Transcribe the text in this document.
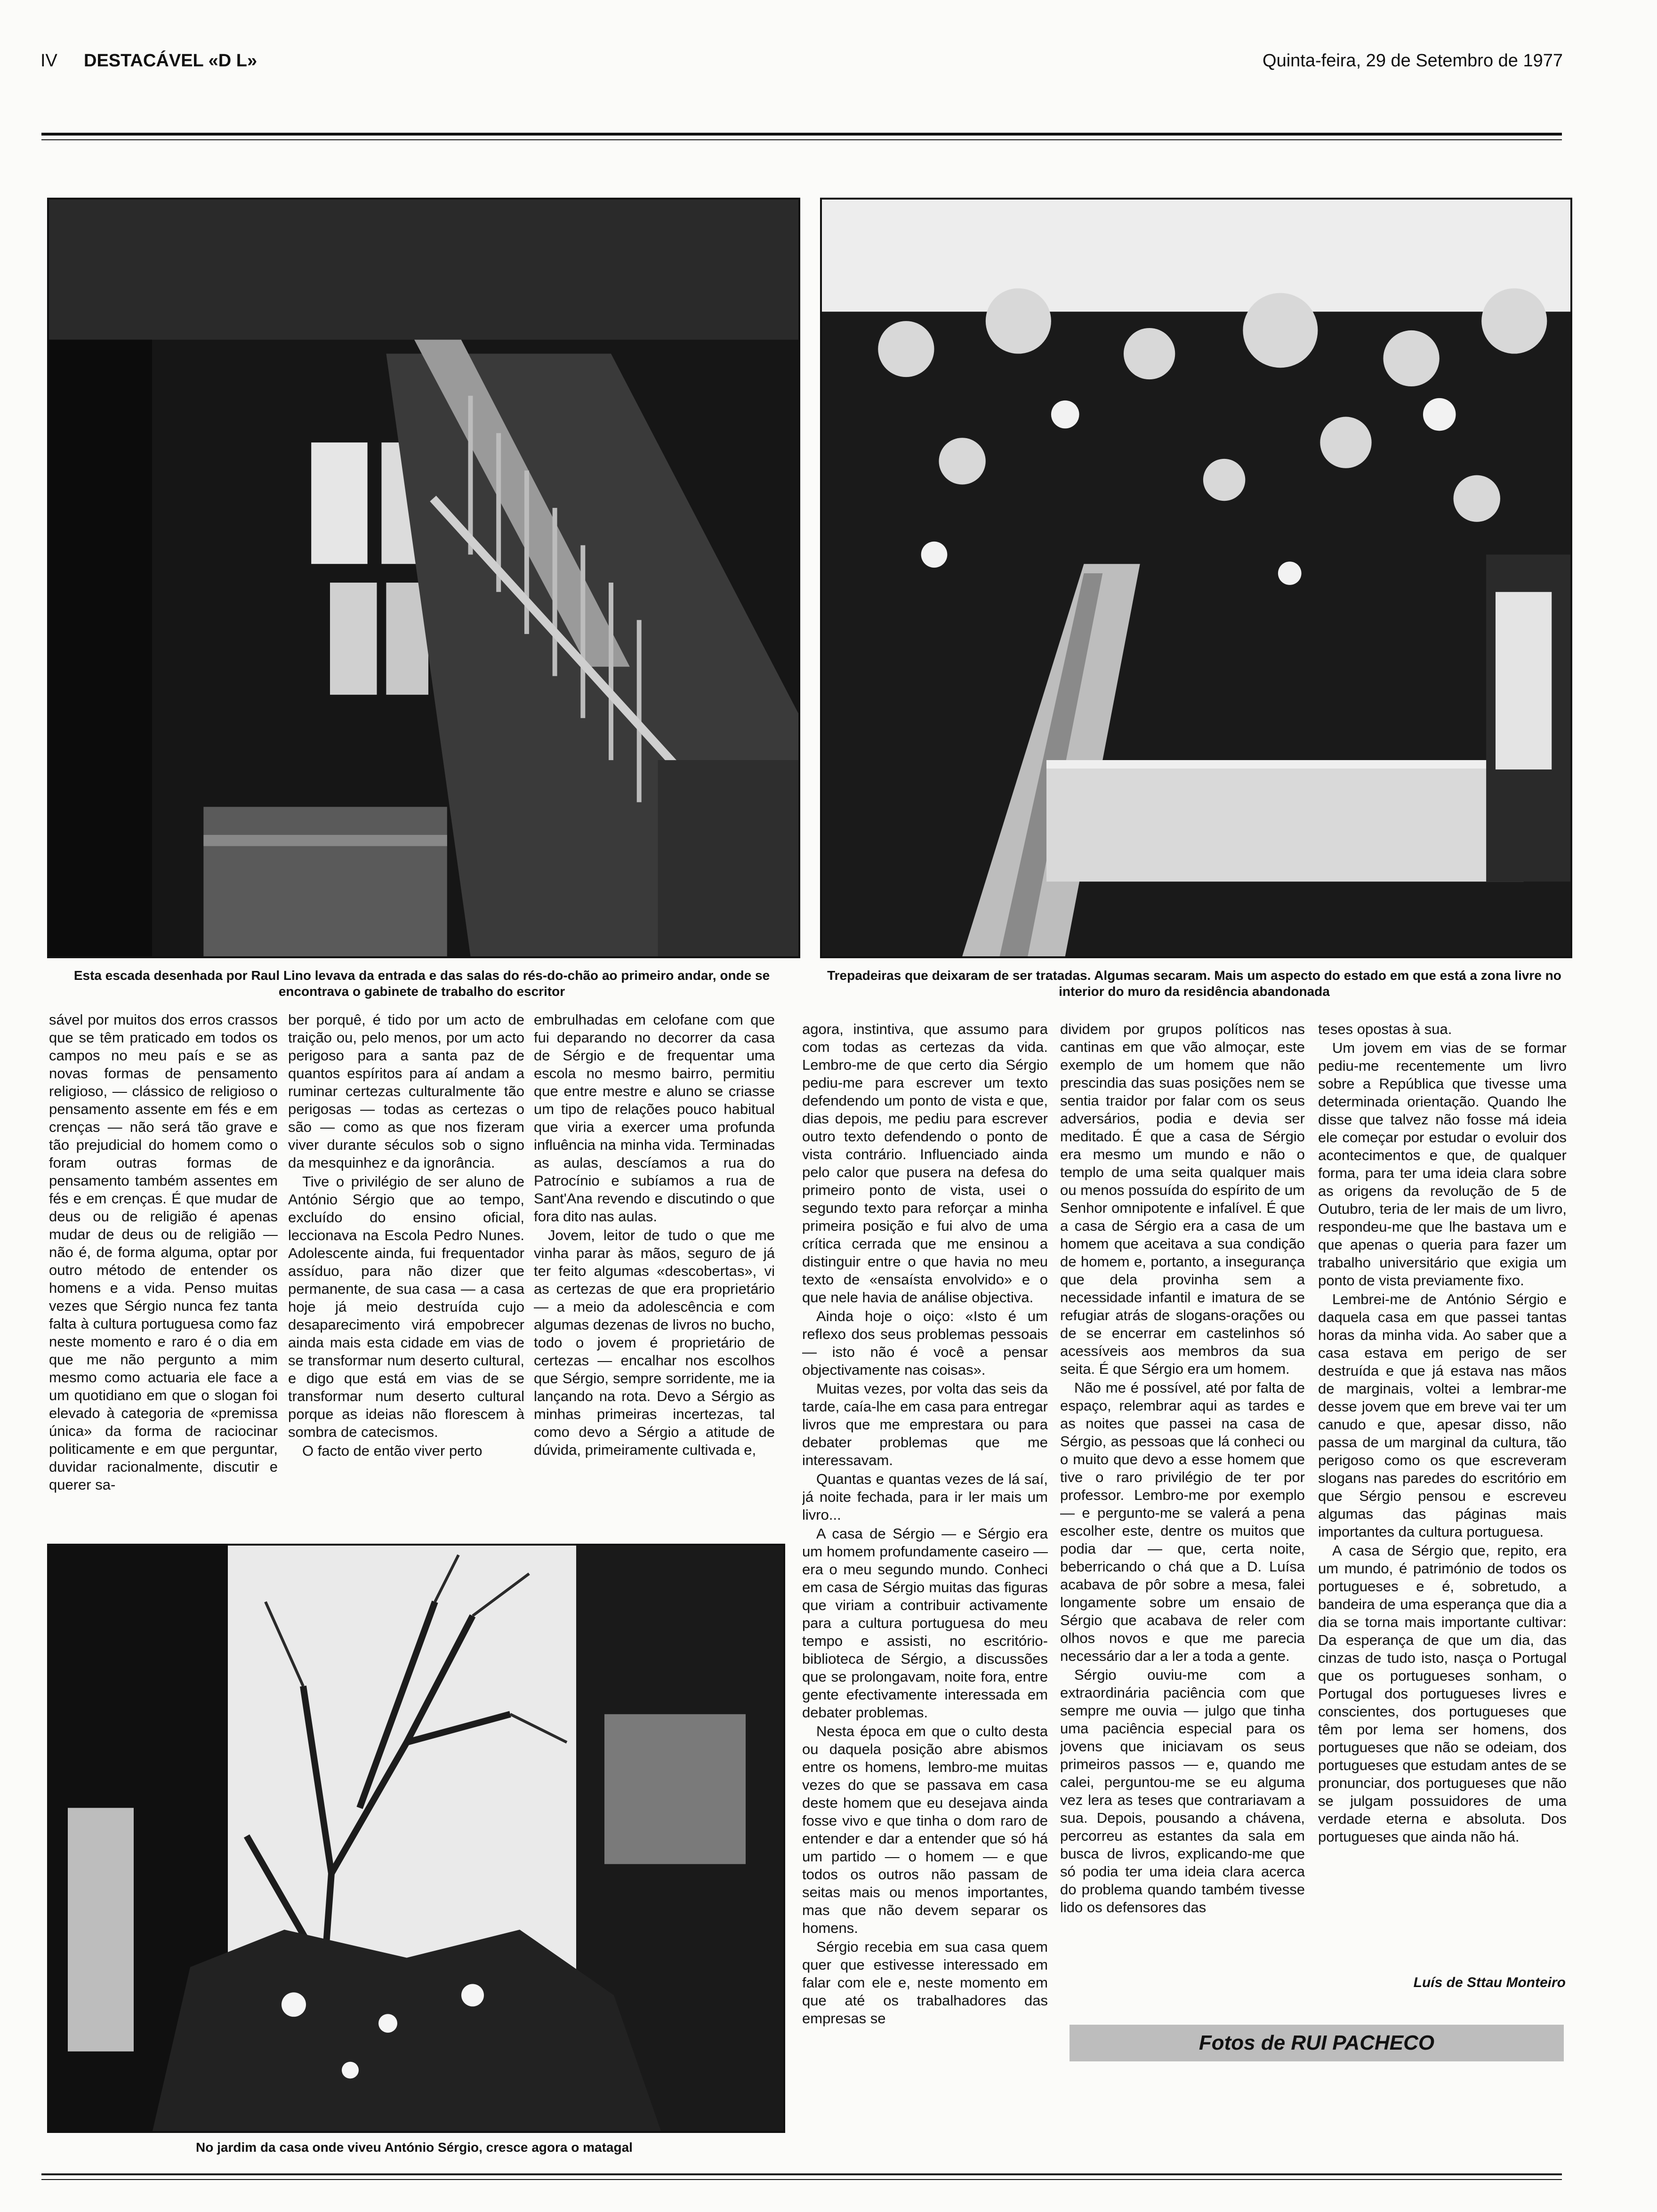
IV DESTACÁVEL «D L»	Quinta-feira, 29 de Setembro de 1977
Esta escada desenhada por Raul Lino levava da entrada e das salas do rés-do-chão ao primeiro andar, onde se encontrava o gabinete de trabalho do escritor
Trepadeiras que deixaram de ser tratadas. Algumas secaram. Mais um aspecto do estado em que está a zona livre no interior do muro da residência abandonada
No jardim da casa onde viveu António Sérgio, cresce agora o matagal

sável por muitos dos erros crassos que se têm praticado em todos os campos no meu país e se as novas formas de pensamento religioso, — clássico de religioso o pensamento assente em fés e em crenças — não será tão grave e tão prejudicial do homem como o foram outras formas de pensamento também assentes em fés e em crenças. É que mudar de deus ou de religião é apenas mudar de deus ou de religião — não é, de forma alguma, optar por outro método de entender os homens e a vida. Penso muitas vezes que Sérgio nunca fez tanta falta à cultura portuguesa como faz neste momento e raro é o dia em que me não pergunto a mim mesmo como actuaria ele face a um quotidiano em que o slogan foi elevado à categoria de «premissa única» da forma de raciocinar politicamente e em que perguntar, duvidar racionalmente, discutir e querer sa-

ber porquê, é tido por um acto de traição ou, pelo menos, por um acto perigoso para a santa paz de quantos espíritos para aí andam a ruminar certezas culturalmente tão perigosas — todas as certezas o são — como as que nos fizeram viver durante séculos sob o signo da mesquinhez e da ignorância.

Tive o privilégio de ser aluno de António Sérgio que ao tempo, excluído do ensino oficial, leccionava na Escola Pedro Nunes. Adolescente ainda, fui frequentador assíduo, para não dizer que permanente, de sua casa — a casa hoje já meio destruída cujo desaparecimento virá empobrecer ainda mais esta cidade em vias de se transformar num deserto cultural, e digo que está em vias de se transformar num deserto cultural porque as ideias não florescem à sombra de catecismos.

O facto de então viver perto

embrulhadas em celofane com que fui deparando no decorrer da casa de Sérgio e de frequentar uma escola no mesmo bairro, permitiu que entre mestre e aluno se criasse um tipo de relações pouco habitual que viria a exercer uma profunda influência na minha vida. Terminadas as aulas, descíamos a rua do Patrocínio e subíamos a rua de Sant'Ana revendo e discutindo o que fora dito nas aulas.

Jovem, leitor de tudo o que me vinha parar às mãos, seguro de já ter feito algumas «descobertas», vi as certezas de que era proprietário — a meio da adolescência e com algumas dezenas de livros no bucho, todo o jovem é proprietário de certezas — encalhar nos escolhos que Sérgio, sempre sorridente, me ia lançando na rota. Devo a Sérgio as minhas primeiras incertezas, tal como devo a Sérgio a atitude de dúvida, primeiramente cultivada e,

agora, instintiva, que assumo para com todas as certezas da vida. Lembro-me de que certo dia Sérgio pediu-me para escrever um texto defendendo um ponto de vista e que, dias depois, me pediu para escrever outro texto defendendo o ponto de vista contrário. Influenciado ainda pelo calor que pusera na defesa do primeiro ponto de vista, usei o segundo texto para reforçar a minha primeira posição e fui alvo de uma crítica cerrada que me ensinou a distinguir entre o que havia no meu texto de «ensaísta envolvido» e o que nele havia de análise objectiva.

Ainda hoje o oiço: «Isto é um reflexo dos seus problemas pessoais — isto não é você a pensar objectivamente nas coisas».

Muitas vezes, por volta das seis da tarde, caía-lhe em casa para entregar livros que me emprestara ou para debater problemas que me interessavam.

Quantas e quantas vezes de lá saí, já noite fechada, para ir ler mais um livro...

A casa de Sérgio — e Sérgio era um homem profundamente caseiro — era o meu segundo mundo. Conheci em casa de Sérgio muitas das figuras que viriam a contribuir activamente para a cultura portuguesa do meu tempo e assisti, no escritório-biblioteca de Sérgio, a discussões que se prolongavam, noite fora, entre gente efectivamente interessada em debater problemas.

Nesta época em que o culto desta ou daquela posição abre abismos entre os homens, lembro-me muitas vezes do que se passava em casa deste homem que eu desejava ainda fosse vivo e que tinha o dom raro de entender e dar a entender que só há um partido — o homem — e que todos os outros não passam de seitas mais ou menos importantes, mas que não devem separar os homens.

Sérgio recebia em sua casa quem quer que estivesse interessado em falar com ele e, neste momento em que até os trabalhadores das empresas se

dividem por grupos políticos nas cantinas em que vão almoçar, este exemplo de um homem que não prescindia das suas posições nem se sentia traidor por falar com os seus adversários, podia e devia ser meditado. É que a casa de Sérgio era mesmo um mundo e não o templo de uma seita qualquer mais ou menos possuída do espírito de um Senhor omnipotente e infalível. É que a casa de Sérgio era a casa de um homem que aceitava a sua condição de homem e, portanto, a insegurança que dela provinha sem a necessidade infantil e imatura de se refugiar atrás de slogans-orações ou de se encerrar em castelinhos só acessíveis aos membros da sua seita. É que Sérgio era um homem.

Não me é possível, até por falta de espaço, relembrar aqui as tardes e as noites que passei na casa de Sérgio, as pessoas que lá conheci ou o muito que devo a esse homem que tive o raro privilégio de ter por professor. Lembro-me por exemplo — e pergunto-me se valerá a pena escolher este, dentre os muitos que podia dar — que, certa noite, beberricando o chá que a D. Luísa acabava de pôr sobre a mesa, falei longamente sobre um ensaio de Sérgio que acabava de reler com olhos novos e que me parecia necessário dar a ler a toda a gente.

Sérgio ouviu-me com a extraordinária paciência com que sempre me ouvia — julgo que tinha uma paciência especial para os jovens que iniciavam os seus primeiros passos — e, quando me calei, perguntou-me se eu alguma vez lera as teses que contrariavam a sua. Depois, pousando a chávena, percorreu as estantes da sala em busca de livros, explicando-me que só podia ter uma ideia clara acerca do problema quando também tivesse lido os defensores das

teses opostas à sua.

Um jovem em vias de se formar pediu-me recentemente um livro sobre a República que tivesse uma determinada orientação. Quando lhe disse que talvez não fosse má ideia ele começar por estudar o evoluir dos acontecimentos e que, de qualquer forma, para ter uma ideia clara sobre as origens da revolução de 5 de Outubro, teria de ler mais de um livro, respondeu-me que lhe bastava um e que apenas o queria para fazer um trabalho universitário que exigia um ponto de vista previamente fixo.

Lembrei-me de António Sérgio e daquela casa em que passei tantas horas da minha vida. Ao saber que a casa estava em perigo de ser destruída e que já estava nas mãos de marginais, voltei a lembrar-me desse jovem que em breve vai ter um canudo e que, apesar disso, não passa de um marginal da cultura, tão perigoso como os que escreveram slogans nas paredes do escritório em que Sérgio pensou e escreveu algumas das páginas mais importantes da cultura portuguesa.

A casa de Sérgio que, repito, era um mundo, é património de todos os portugueses e é, sobretudo, a bandeira de uma esperança que dia a dia se torna mais importante cultivar: Da esperança de que um dia, das cinzas de tudo isto, nasça o Portugal que os portugueses sonham, o Portugal dos portugueses livres e conscientes, dos portugueses que têm por lema ser homens, dos portugueses que não se odeiam, dos portugueses que estudam antes de se pronunciar, dos portugueses que não se julgam possuidores de uma verdade eterna e absoluta. Dos portugueses que ainda não há.

Luís de Sttau Monteiro
Fotos de RUI PACHECO
